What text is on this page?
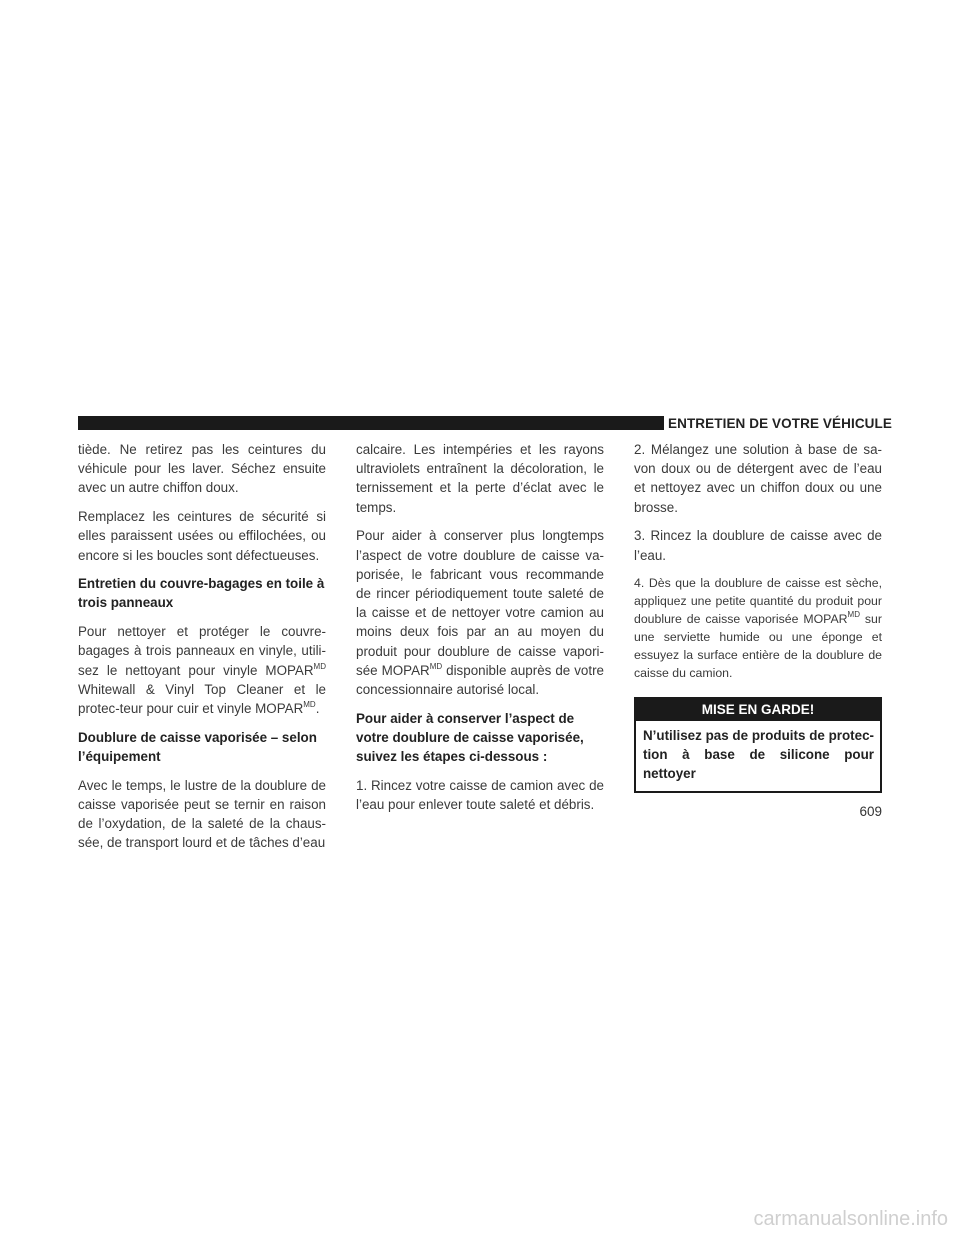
ENTRETIEN DE VOTRE VÉHICULE

tiède. Ne retirez pas les ceintures du véhicule pour les laver. Séchez ensuite avec un autre chiffon doux.

Remplacez les ceintures de sécurité si elles paraissent usées ou effilochées, ou encore si les boucles sont défectueuses.

Entretien du couvre-bagages en toile à trois panneaux

Pour nettoyer et protéger le couvre-bagages à trois panneaux en vinyle, utili-sez le nettoyant pour vinyle $MOPAR^{MD}$ Whitewall & Vinyl Top Cleaner et le protec-teur pour cuir et vinyle $MOPAR^{MD}$.

Doublure de caisse vaporisée – selon l’équipement

Avec le temps, le lustre de la doublure de caisse vaporisée peut se ternir en raison de l’oxydation, de la saleté de la chaus-sée, de transport lourd et de tâches d’eau

calcaire. Les intempéries et les rayons ultraviolets entraînent la décoloration, le ternissement et la perte d’éclat avec le temps.

Pour aider à conserver plus longtemps l’aspect de votre doublure de caisse va-porisée, le fabricant vous recommande de rincer périodiquement toute saleté de la caisse et de nettoyer votre camion au moins deux fois par an au moyen du produit pour doublure de caisse vapori-sée $MOPAR^{MD}$ disponible auprès de votre concessionnaire autorisé local.

Pour aider à conserver l’aspect de votre doublure de caisse vaporisée, suivez les étapes ci-dessous :

1. Rincez votre caisse de camion avec de l’eau pour enlever toute saleté et débris.

2. Mélangez une solution à base de sa-von doux ou de détergent avec de l’eau et nettoyez avec un chiffon doux ou une brosse.

3. Rincez la doublure de caisse avec de l’eau.

4. Dès que la doublure de caisse est sèche, appliquez une petite quantité du produit pour doublure de caisse vaporisée $MOPAR^{MD}$ sur une serviette humide ou une éponge et essuyez la surface entière de la doublure de caisse du camion.

MISE EN GARDE!
N’utilisez pas de produits de protec-tion à base de silicone pour nettoyer
609
carmanualsonline.info
